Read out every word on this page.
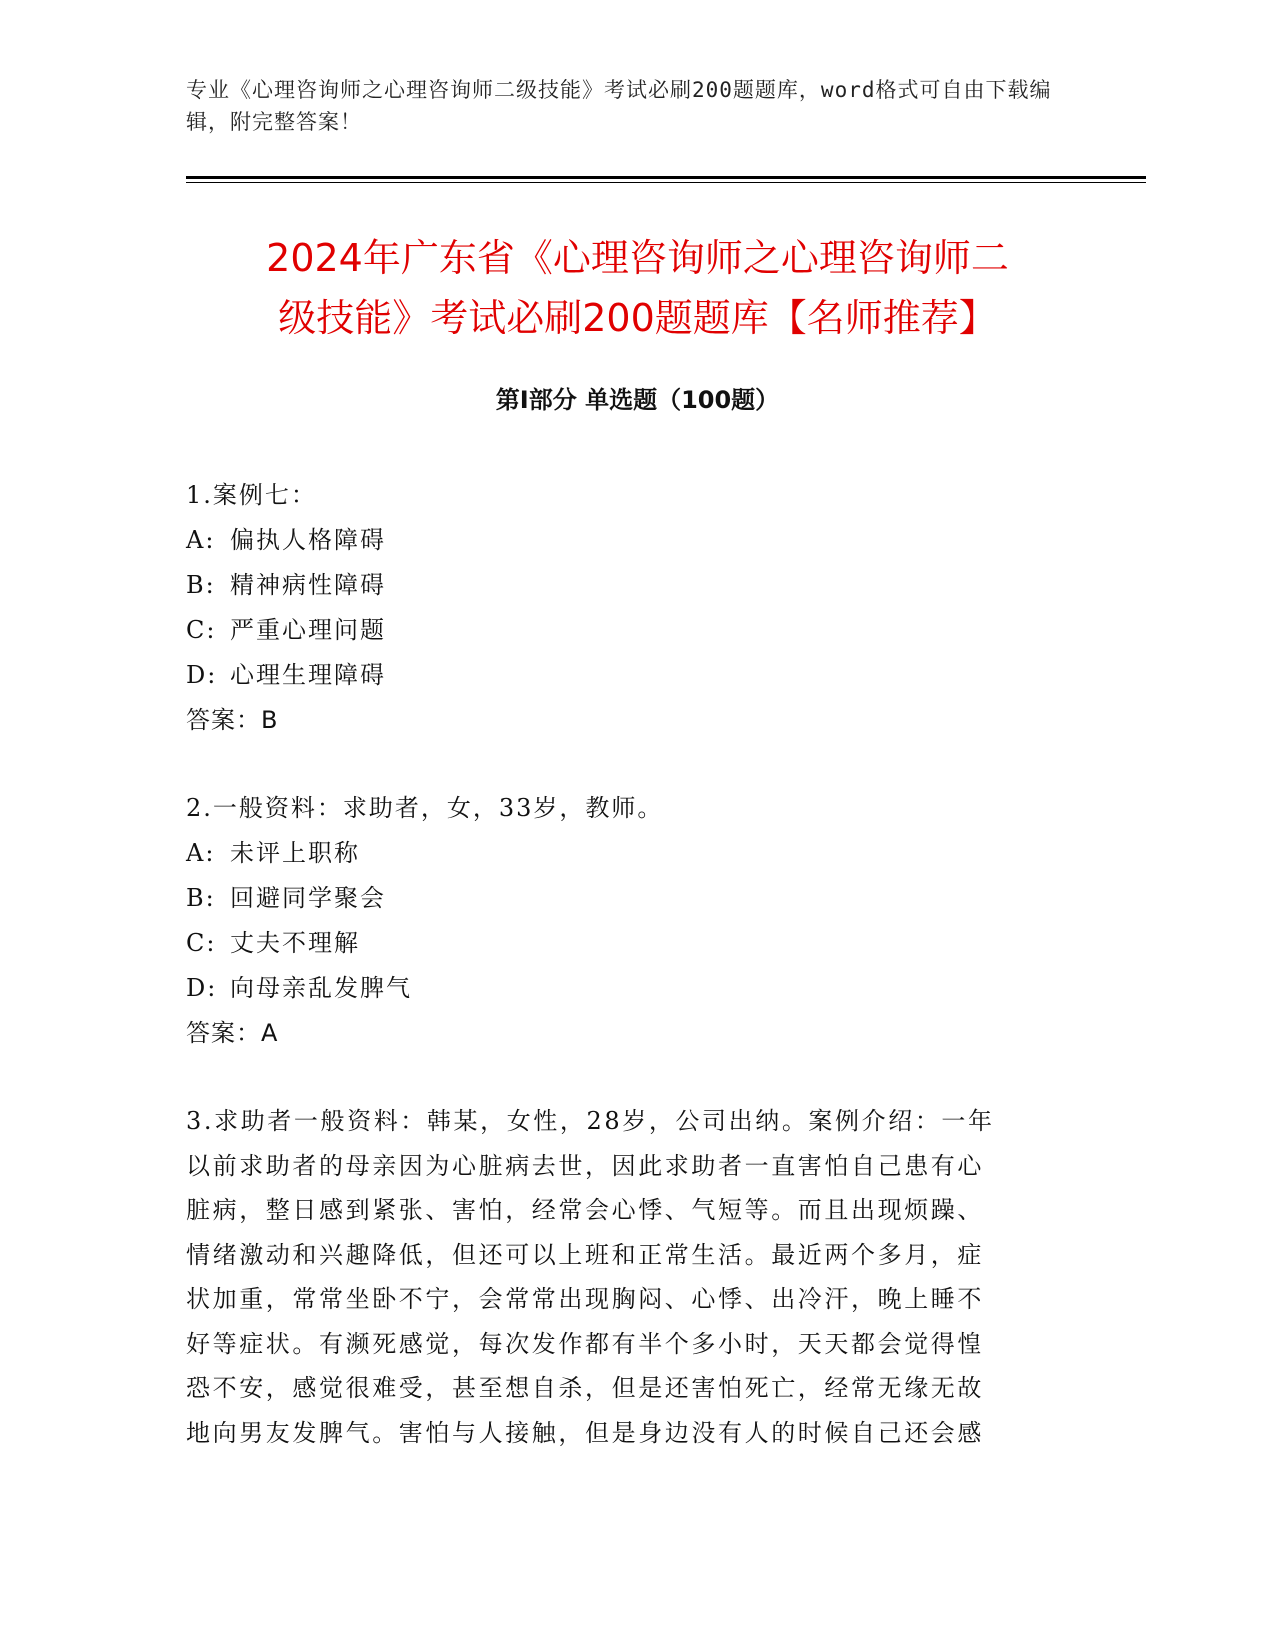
专业《心理咨询师之心理咨询师二级技能》考试必刷200题题库，word格式可自由下载编辑，附完整答案！
2024年广东省《心理咨询师之心理咨询师二
级技能》考试必刷200题题库【名师推荐】
第I部分 单选题（100题）
1.案例七：
A: 偏执人格障碍
B: 精神病性障碍
C: 严重心理问题
D: 心理生理障碍
答案：B
2.一般资料：求助者，女，33岁，教师。
A: 未评上职称
B: 回避同学聚会
C: 丈夫不理解
D: 向母亲乱发脾气
答案：A
3.求助者一般资料：韩某，女性，28岁，公司出纳。案例介绍：一年
以前求助者的母亲因为心脏病去世，因此求助者一直害怕自己患有心
脏病，整日感到紧张、害怕，经常会心悸、气短等。而且出现烦躁、
情绪激动和兴趣降低，但还可以上班和正常生活。最近两个多月，症
状加重，常常坐卧不宁，会常常出现胸闷、心悸、出冷汗，晚上睡不
好等症状。有濒死感觉，每次发作都有半个多小时，天天都会觉得惶
恐不安，感觉很难受，甚至想自杀，但是还害怕死亡，经常无缘无故
地向男友发脾气。害怕与人接触，但是身边没有人的时候自己还会感
